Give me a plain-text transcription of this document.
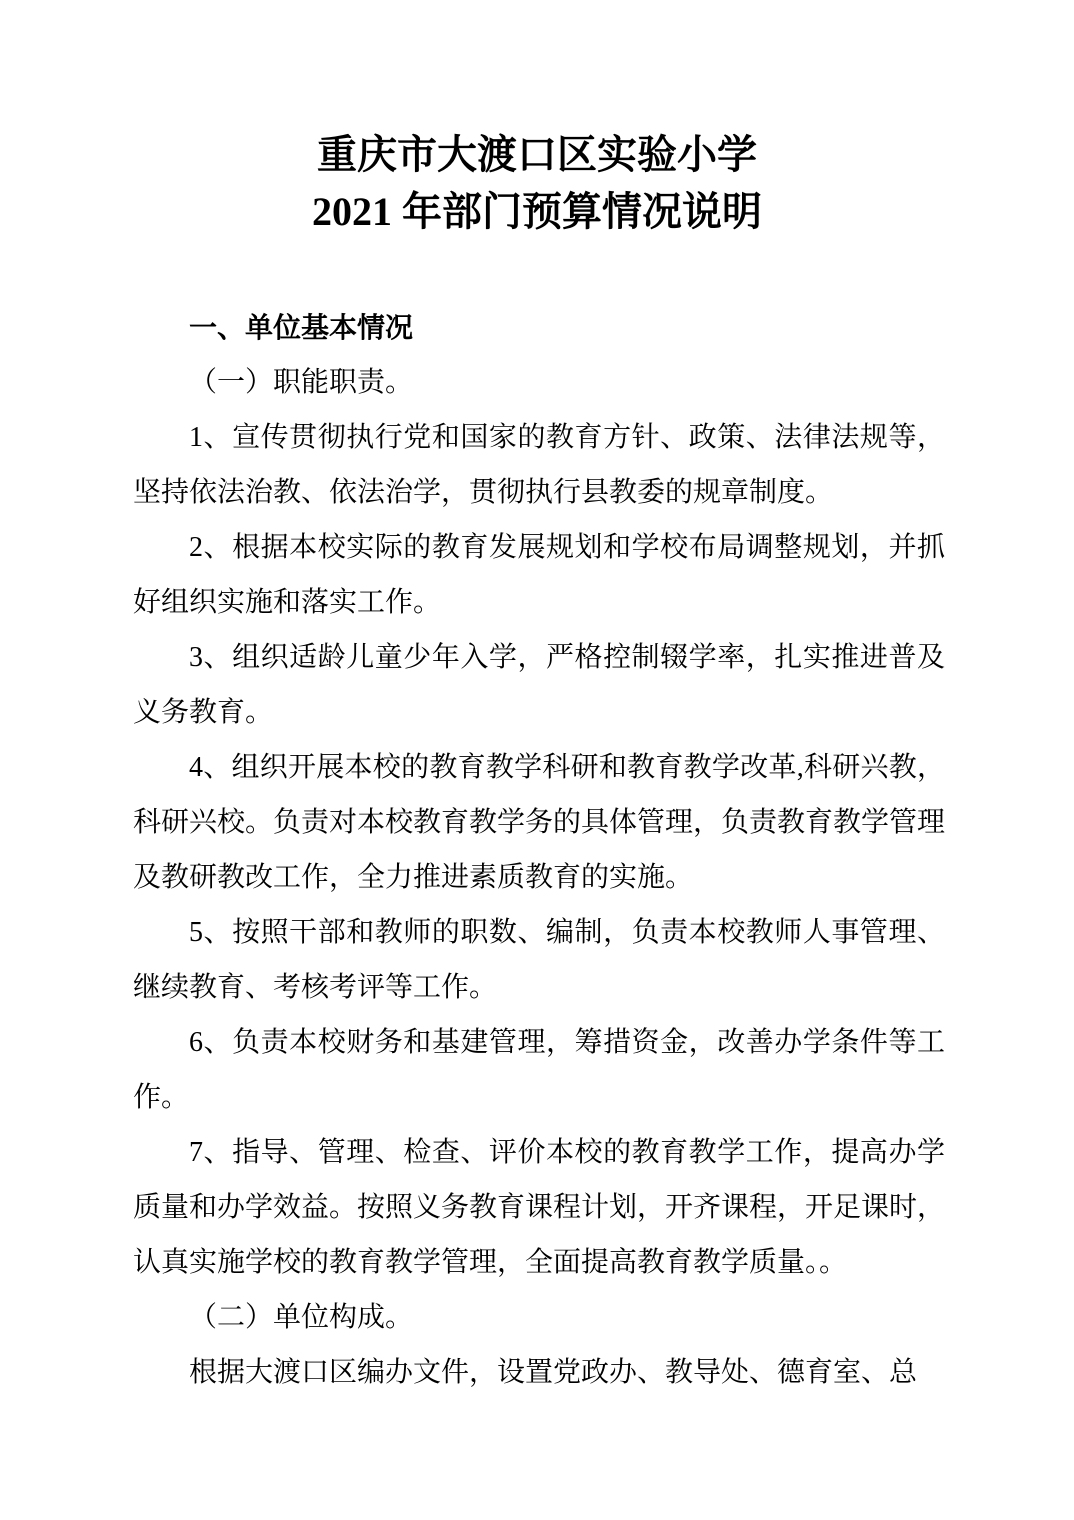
重庆市大渡口区实验小学
2021 年部门预算情况说明

一、单位基本情况

（一）职能职责。

1、宣传贯彻执行党和国家的教育方针、政策、法律法规等，坚持依法治教、依法治学，贯彻执行县教委的规章制度。

2、根据本校实际的教育发展规划和学校布局调整规划，并抓好组织实施和落实工作。

3、组织适龄儿童少年入学，严格控制辍学率，扎实推进普及义务教育。

4、组织开展本校的教育教学科研和教育教学改革,科研兴教，科研兴校。负责对本校教育教学务的具体管理，负责教育教学管理及教研教改工作，全力推进素质教育的实施。

5、按照干部和教师的职数、编制，负责本校教师人事管理、继续教育、考核考评等工作。

6、负责本校财务和基建管理，筹措资金，改善办学条件等工作。

7、指导、管理、检查、评价本校的教育教学工作，提高办学质量和办学效益。按照义务教育课程计划，开齐课程，开足课时，认真实施学校的教育教学管理，全面提高教育教学质量。。

（二）单位构成。

根据大渡口区编办文件，设置党政办、教导处、德育室、总
